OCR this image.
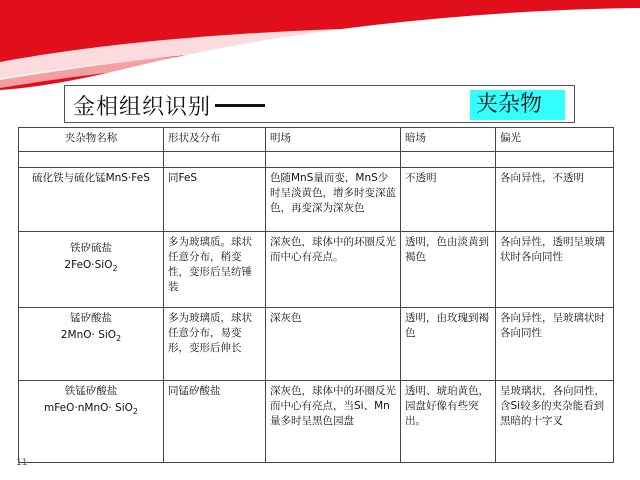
金相组织识别	夹杂物
夹杂物名称	形状及分布	明场	暗场	偏光

硫化铁与硫化锰MnS·FeS	同FeS	色随MnS量而变，MnS少时呈淡黄色，增多时变深蓝色，再变深为深灰色	不透明	各向异性，不透明

铁矽硫盐
2FeO·SiO$_2$	多为玻璃质。球状任意分布，稍变性，变形后呈纺锤装	深灰色，球体中的环圈反光而中心有亮点。	透明，色由淡黄到褐色	各向异性，透明呈玻璃状时各向同性

锰矽酸盐
2MnO· SiO$_2$	多为玻璃质，球状任意分布，易变形，变形后伸长	深灰色	透明，由玫瑰到褐色	各向异性，呈玻璃状时各向同性

铁锰矽酸盐
mFeO·nMnO· SiO$_2$	同锰矽酸盐	深灰色，球体中的环圈反光而中心有亮点，当Si、Mn量多时呈黑色园盘	透明、琥珀黄色，园盘好像有些突出。	呈玻璃状，各向同性，含Si较多的夹杂能看到黑暗的十字叉
11
